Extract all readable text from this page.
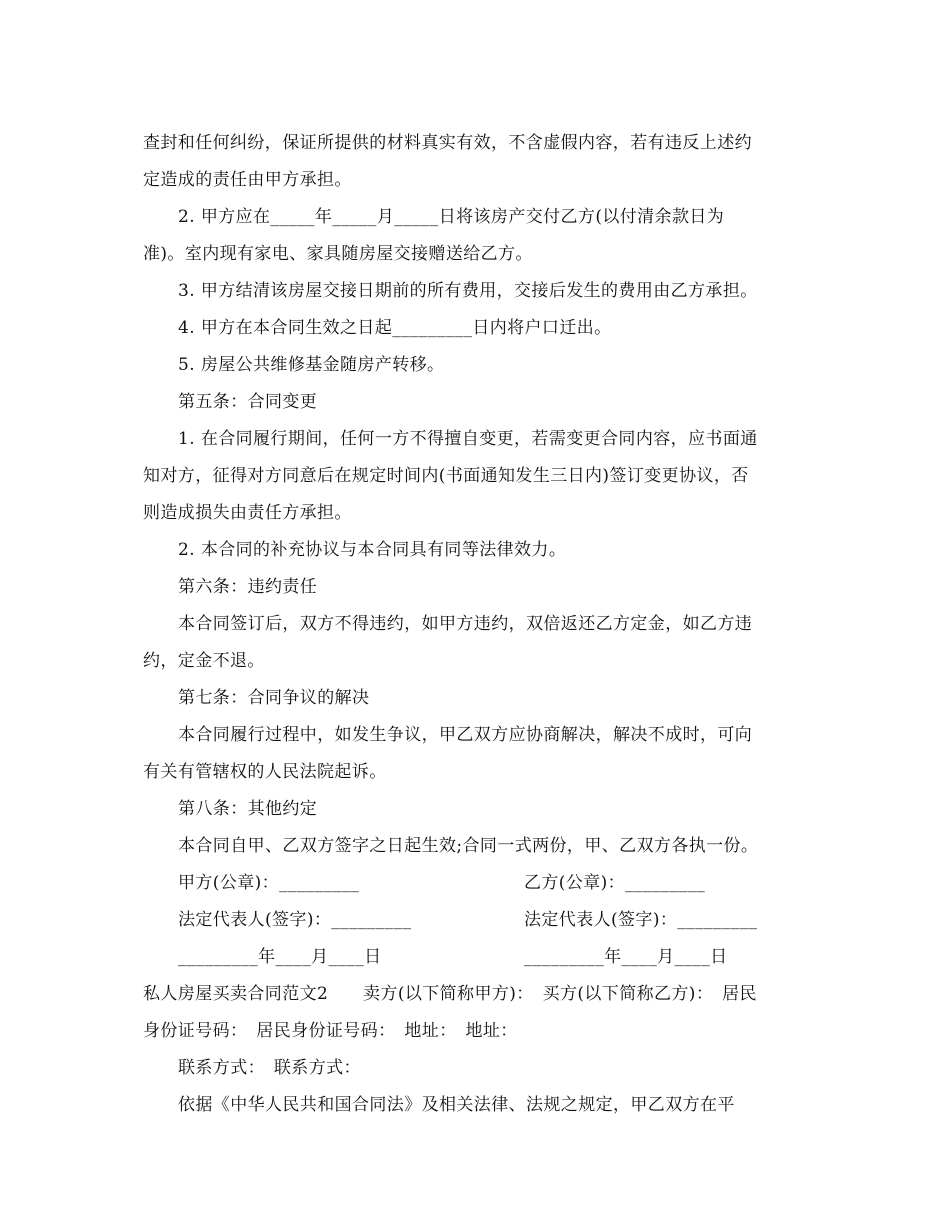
查封和任何纠纷，保证所提供的材料真实有效，不含虚假内容，若有违反上述约
定造成的责任由甲方承担。
2. 甲方应在_____年_____月_____日将该房产交付乙方(以付清余款日为
准)。室内现有家电、家具随房屋交接赠送给乙方。
3. 甲方结清该房屋交接日期前的所有费用，交接后发生的费用由乙方承担。
4. 甲方在本合同生效之日起_________日内将户口迁出。
5. 房屋公共维修基金随房产转移。
第五条：合同变更
1. 在合同履行期间，任何一方不得擅自变更，若需变更合同内容，应书面通
知对方，征得对方同意后在规定时间内(书面通知发生三日内)签订变更协议，否
则造成损失由责任方承担。
2. 本合同的补充协议与本合同具有同等法律效力。
第六条：违约责任
本合同签订后，双方不得违约，如甲方违约，双倍返还乙方定金，如乙方违
约，定金不退。
第七条：合同争议的解决
本合同履行过程中，如发生争议，甲乙双方应协商解决，解决不成时，可向
有关有管辖权的人民法院起诉。
第八条：其他约定
本合同自甲、乙双方签字之日起生效;合同一式两份，甲、乙双方各执一份。
甲方(公章)：_________	乙方(公章)：_________
法定代表人(签字)：_________	法定代表人(签字)：_________
_________年____月____日	_________年____月____日
私人房屋买卖合同范文2　　卖方(以下简称甲方)：　买方(以下简称乙方)：　居民
身份证号码：　居民身份证号码：　地址：　地址：
联系方式：　联系方式：
依据《中华人民共和国合同法》及相关法律、法规之规定，甲乙双方在平
